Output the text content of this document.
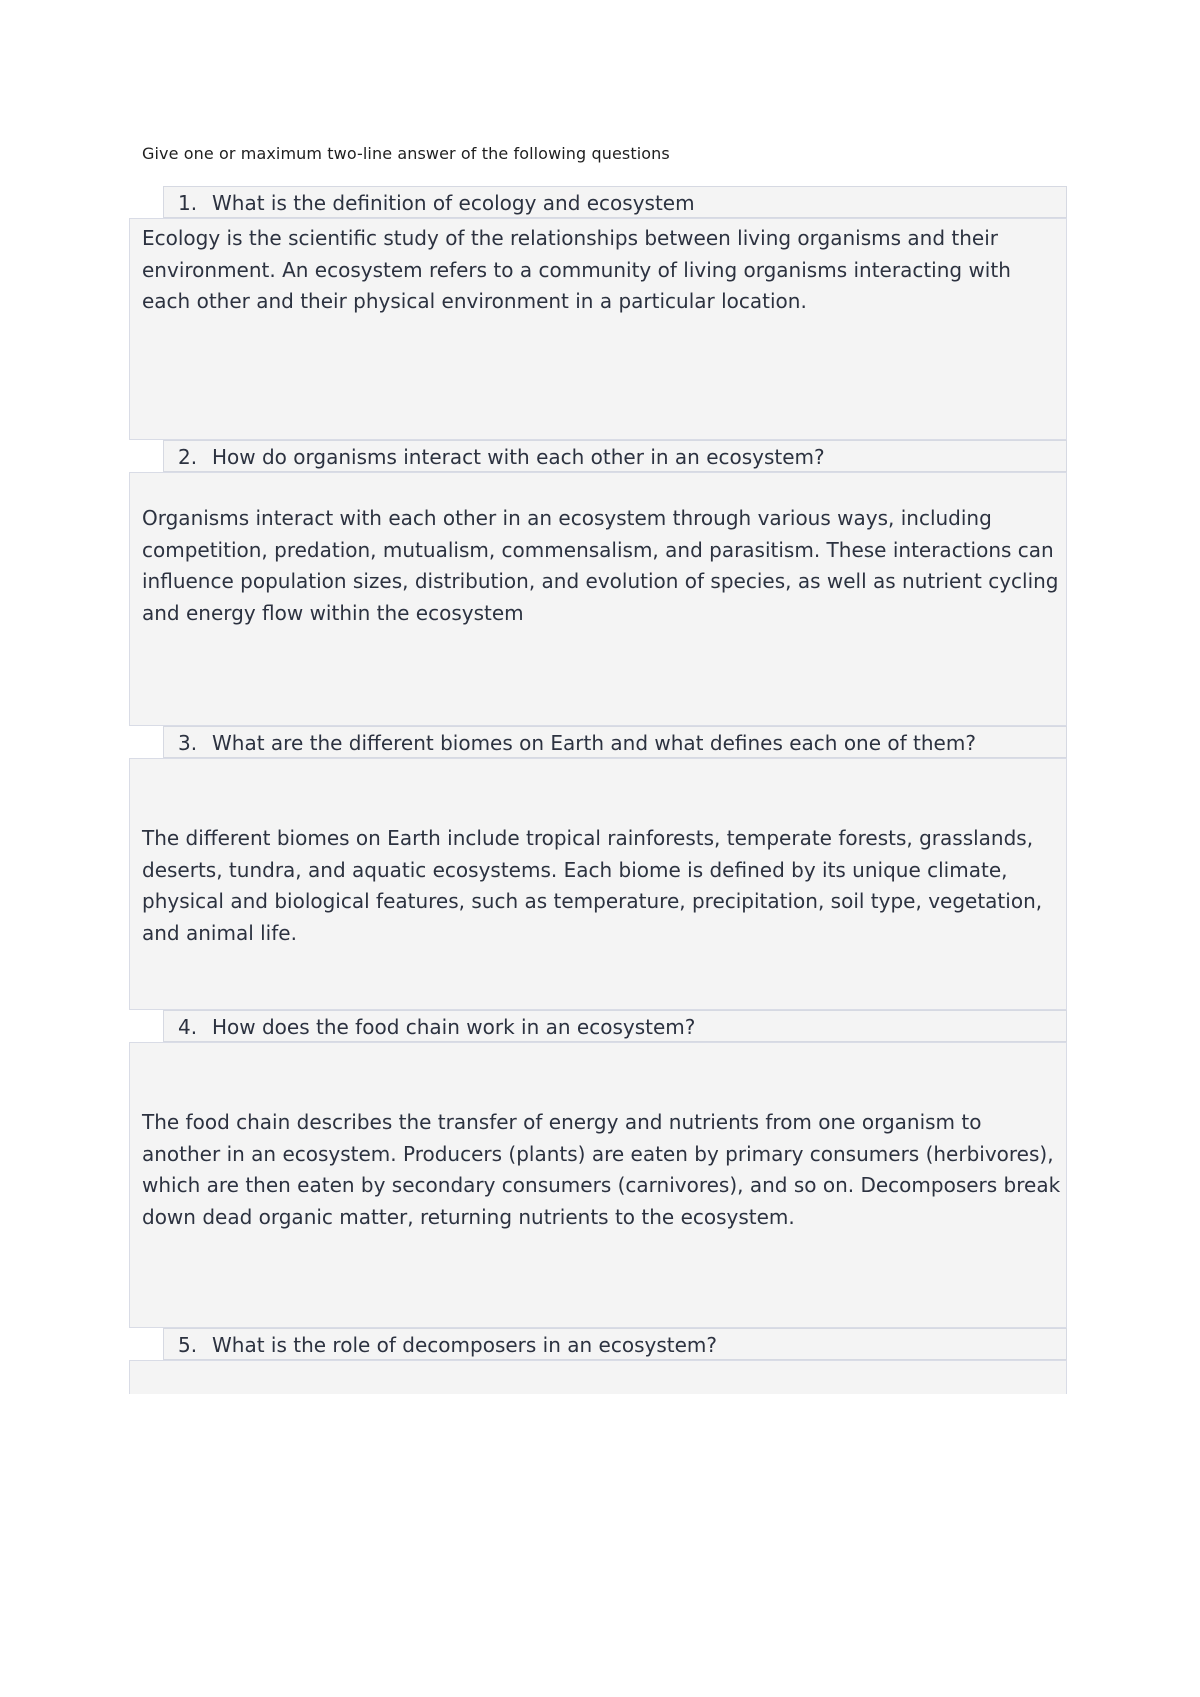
Give one or maximum two-line answer of the following questions
1. What is the definition of ecology and ecosystem
Ecology is the scientific study of the relationships between living organisms and their environment. An ecosystem refers to a community of living organisms interacting with each other and their physical environment in a particular location.
2. How do organisms interact with each other in an ecosystem?
Organisms interact with each other in an ecosystem through various ways, including competition, predation, mutualism, commensalism, and parasitism. These interactions can influence population sizes, distribution, and evolution of species, as well as nutrient cycling and energy flow within the ecosystem
3. What are the different biomes on Earth and what defines each one of them?
The different biomes on Earth include tropical rainforests, temperate forests, grasslands, deserts, tundra, and aquatic ecosystems. Each biome is defined by its unique climate, physical and biological features, such as temperature, precipitation, soil type, vegetation, and animal life.
4. How does the food chain work in an ecosystem?
The food chain describes the transfer of energy and nutrients from one organism to another in an ecosystem. Producers (plants) are eaten by primary consumers (herbivores), which are then eaten by secondary consumers (carnivores), and so on. Decomposers break down dead organic matter, returning nutrients to the ecosystem.
5. What is the role of decomposers in an ecosystem?
